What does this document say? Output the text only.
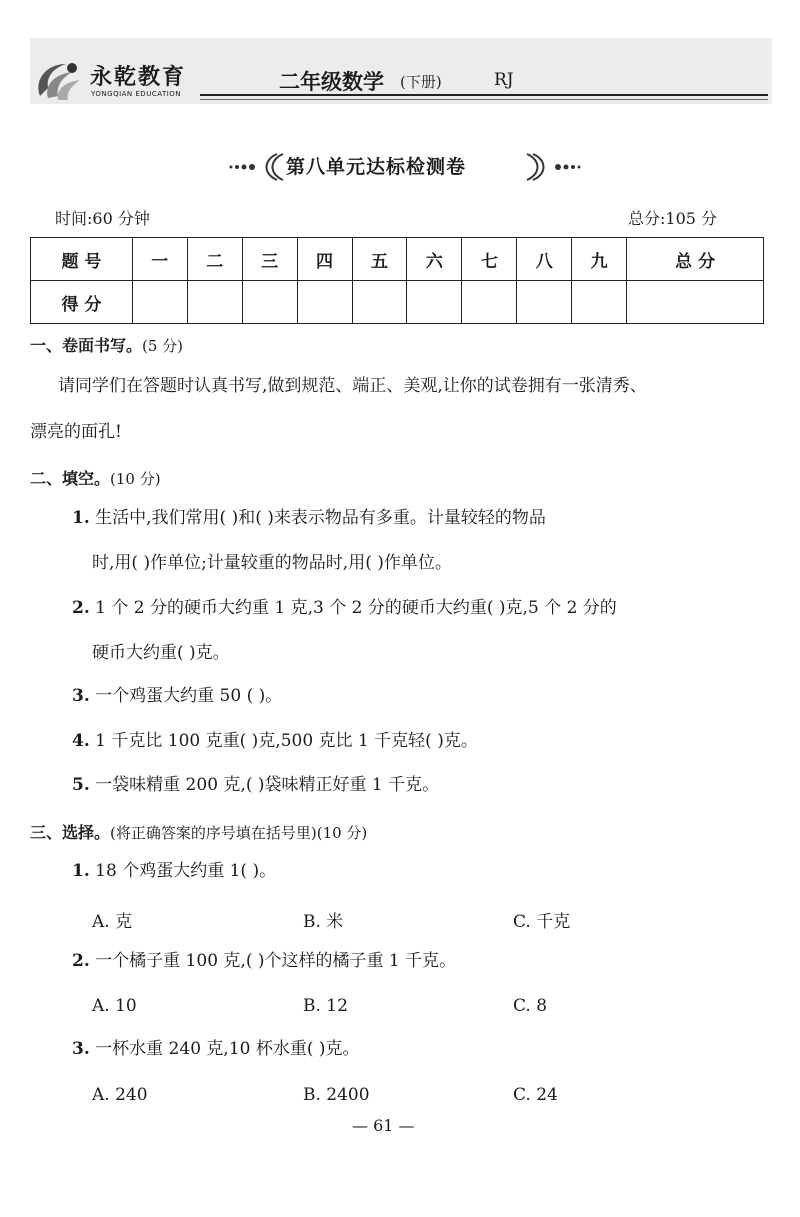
永乾教育
YONGQIAN EDUCATION	二年级数学 (下册)	RJ
第八单元达标检测卷
时间:60 分钟	总分:105 分
题 号	一	二	三	四	五	六	七	八	九	总 分
得 分										
一、卷面书写。(5 分)
请同学们在答题时认真书写,做到规范、端正、美观,让你的试卷拥有一张清秀、
漂亮的面孔!
二、填空。(10 分)
1. 生活中,我们常用( )和( )来表示物品有多重。计量较轻的物品
时,用( )作单位;计量较重的物品时,用( )作单位。
2. 1 个 2 分的硬币大约重 1 克,3 个 2 分的硬币大约重( )克,5 个 2 分的
硬币大约重( )克。
3. 一个鸡蛋大约重 50 ( )。
4. 1 千克比 100 克重( )克,500 克比 1 千克轻( )克。
5. 一袋味精重 200 克,( )袋味精正好重 1 千克。
三、选择。(将正确答案的序号填在括号里)(10 分)
1. 18 个鸡蛋大约重 1( )。
A. 克	B. 米	C. 千克
2. 一个橘子重 100 克,( )个这样的橘子重 1 千克。
A. 10	B. 12	C. 8
3. 一杯水重 240 克,10 杯水重( )克。
A. 240	B. 2400	C. 24
— 61 —
